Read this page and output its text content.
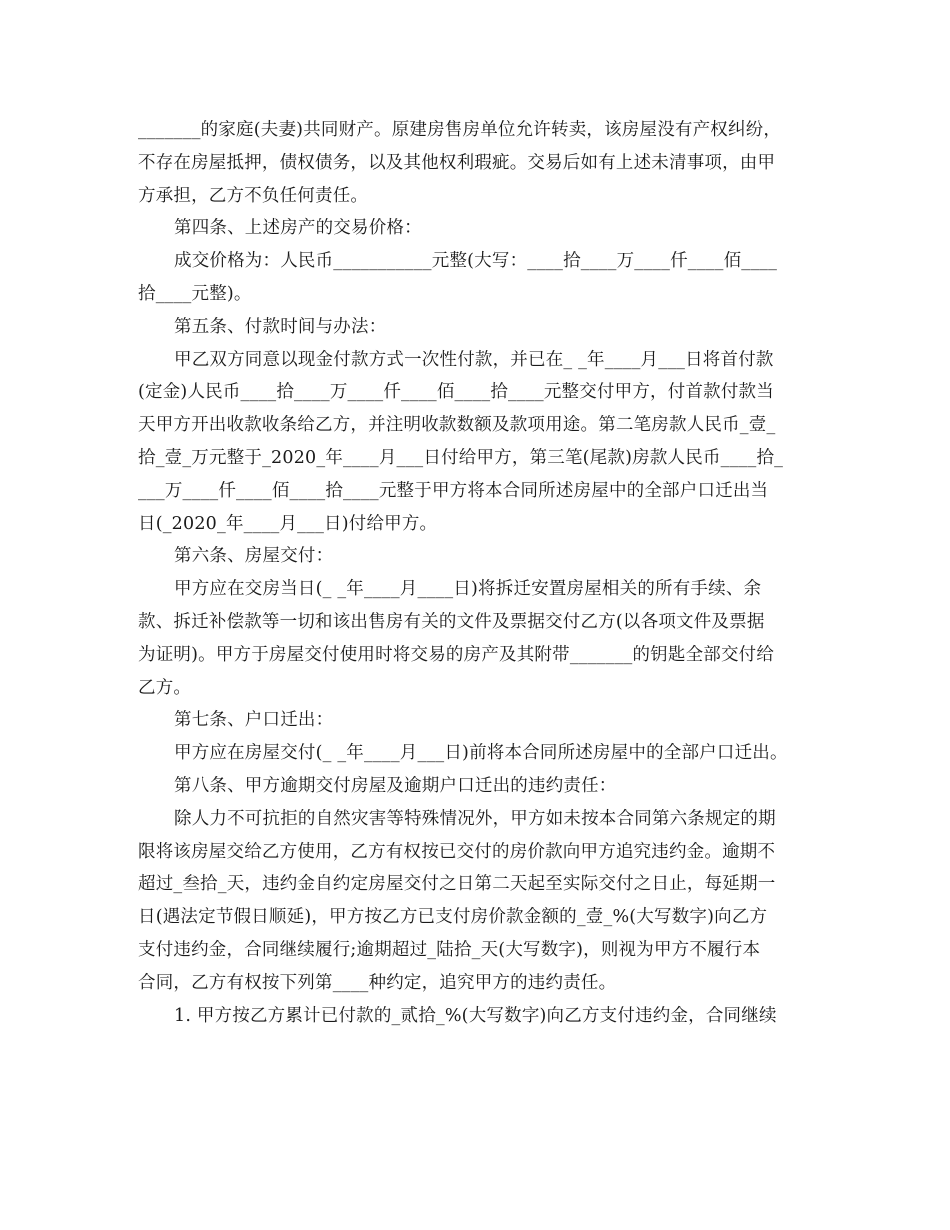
_______的家庭(夫妻)共同财产。原建房售房单位允许转卖，该房屋没有产权纠纷，
不存在房屋抵押，债权债务，以及其他权利瑕疵。交易后如有上述未清事项，由甲
方承担，乙方不负任何责任。
第四条、上述房产的交易价格：
成交价格为：人民币___________元整(大写：____拾____万____仟____佰____
拾____元整)。
第五条、付款时间与办法：
甲乙双方同意以现金付款方式一次性付款，并已在_ _年____月___日将首付款
(定金)人民币____拾____万____仟____佰____拾____元整交付甲方，付首款付款当
天甲方开出收款收条给乙方，并注明收款数额及款项用途。第二笔房款人民币_壹_
拾_壹_万元整于_2020_年____月___日付给甲方，第三笔(尾款)房款人民币____拾_
___万____仟____佰____拾____元整于甲方将本合同所述房屋中的全部户口迁出当
日(_2020_年____月___日)付给甲方。
第六条、房屋交付：
甲方应在交房当日(_ _年____月____日)将拆迁安置房屋相关的所有手续、余
款、拆迁补偿款等一切和该出售房有关的文件及票据交付乙方(以各项文件及票据
为证明)。甲方于房屋交付使用时将交易的房产及其附带_______的钥匙全部交付给
乙方。
第七条、户口迁出：
甲方应在房屋交付(_ _年____月___日)前将本合同所述房屋中的全部户口迁出。
第八条、甲方逾期交付房屋及逾期户口迁出的违约责任：
除人力不可抗拒的自然灾害等特殊情况外，甲方如未按本合同第六条规定的期
限将该房屋交给乙方使用，乙方有权按已交付的房价款向甲方追究违约金。逾期不
超过_叁拾_天，违约金自约定房屋交付之日第二天起至实际交付之日止，每延期一
日(遇法定节假日顺延)，甲方按乙方已支付房价款金额的_壹_%(大写数字)向乙方
支付违约金，合同继续履行;逾期超过_陆拾_天(大写数字)，则视为甲方不履行本
合同，乙方有权按下列第____种约定，追究甲方的违约责任。
1. 甲方按乙方累计已付款的_贰拾_%(大写数字)向乙方支付违约金，合同继续
